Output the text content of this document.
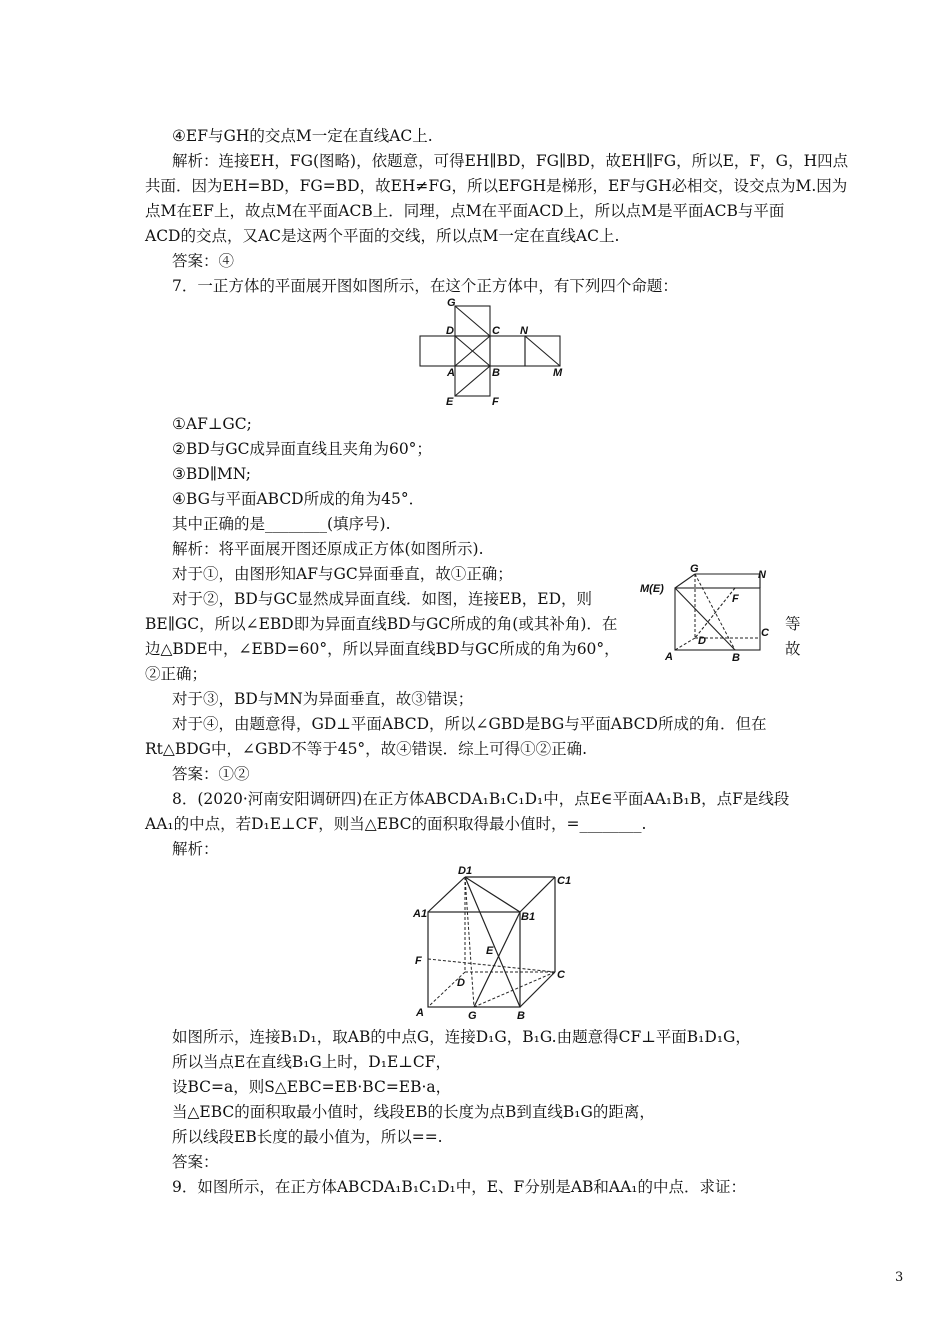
④EF与GH的交点M一定在直线AC上.
解析：连接EH，FG(图略)，依题意，可得EH∥BD，FG∥BD，故EH∥FG，所以E，F，G，H四点
共面．因为EH=BD，FG=BD，故EH≠FG，所以EFGH是梯形，EF与GH必相交，设交点为M.因为
点M在EF上，故点M在平面ACB上．同理，点M在平面ACD上，所以点M是平面ACB与平面
ACD的交点，又AC是这两个平面的交线，所以点M一定在直线AC上.
答案：④
7．一正方体的平面展开图如图所示，在这个正方体中，有下列四个命题：
G
D	C N
A	B	M
E	F
①AF⊥GC;
②BD与GC成异面直线且夹角为60°；
③BD∥MN;
④BG与平面ABCD所成的角为45°．
其中正确的是________(填序号).
解析：将平面展开图还原成正方体(如图所示).
对于①，由图形知AF与GC异面垂直，故①正确；
对于②，BD与GC显然成异面直线．如图，连接EB，ED，则
BE∥GC，所以∠EBD即为异面直线BD与GC所成的角(或其补角)．在
边△BDE中，∠EBD=60°，所以异面直线BD与GC所成的角为60°，
②正确；
G	N
M(E)
F
D
C
A	B
等
故
对于③，BD与MN为异面垂直，故③错误；
对于④，由题意得，GD⊥平面ABCD，所以∠GBD是BG与平面ABCD所成的角．但在
Rt△BDG中，∠GBD不等于45°，故④错误．综上可得①②正确.
答案：①②
8．(2020·河南安阳调研四)在正方体ABCDA₁B₁C₁D₁中，点E∈平面AA₁B₁B，点F是线段
AA₁的中点，若D₁E⊥CF，则当△EBC的面积取得最小值时，=________.
解析：
D1
C1
A1	B1
E
F
D
C
A	G	B
如图所示，连接B₁D₁，取AB的中点G，连接D₁G，B₁G.由题意得CF⊥平面B₁D₁G，
所以当点E在直线B₁G上时，D₁E⊥CF，
设BC=a，则S△EBC=EB·BC=EB·a，
当△EBC的面积取最小值时，线段EB的长度为点B到直线B₁G的距离，
所以线段EB长度的最小值为，所以==.
答案：
9．如图所示，在正方体ABCDA₁B₁C₁D₁中，E、F分别是AB和AA₁的中点．求证：
3
